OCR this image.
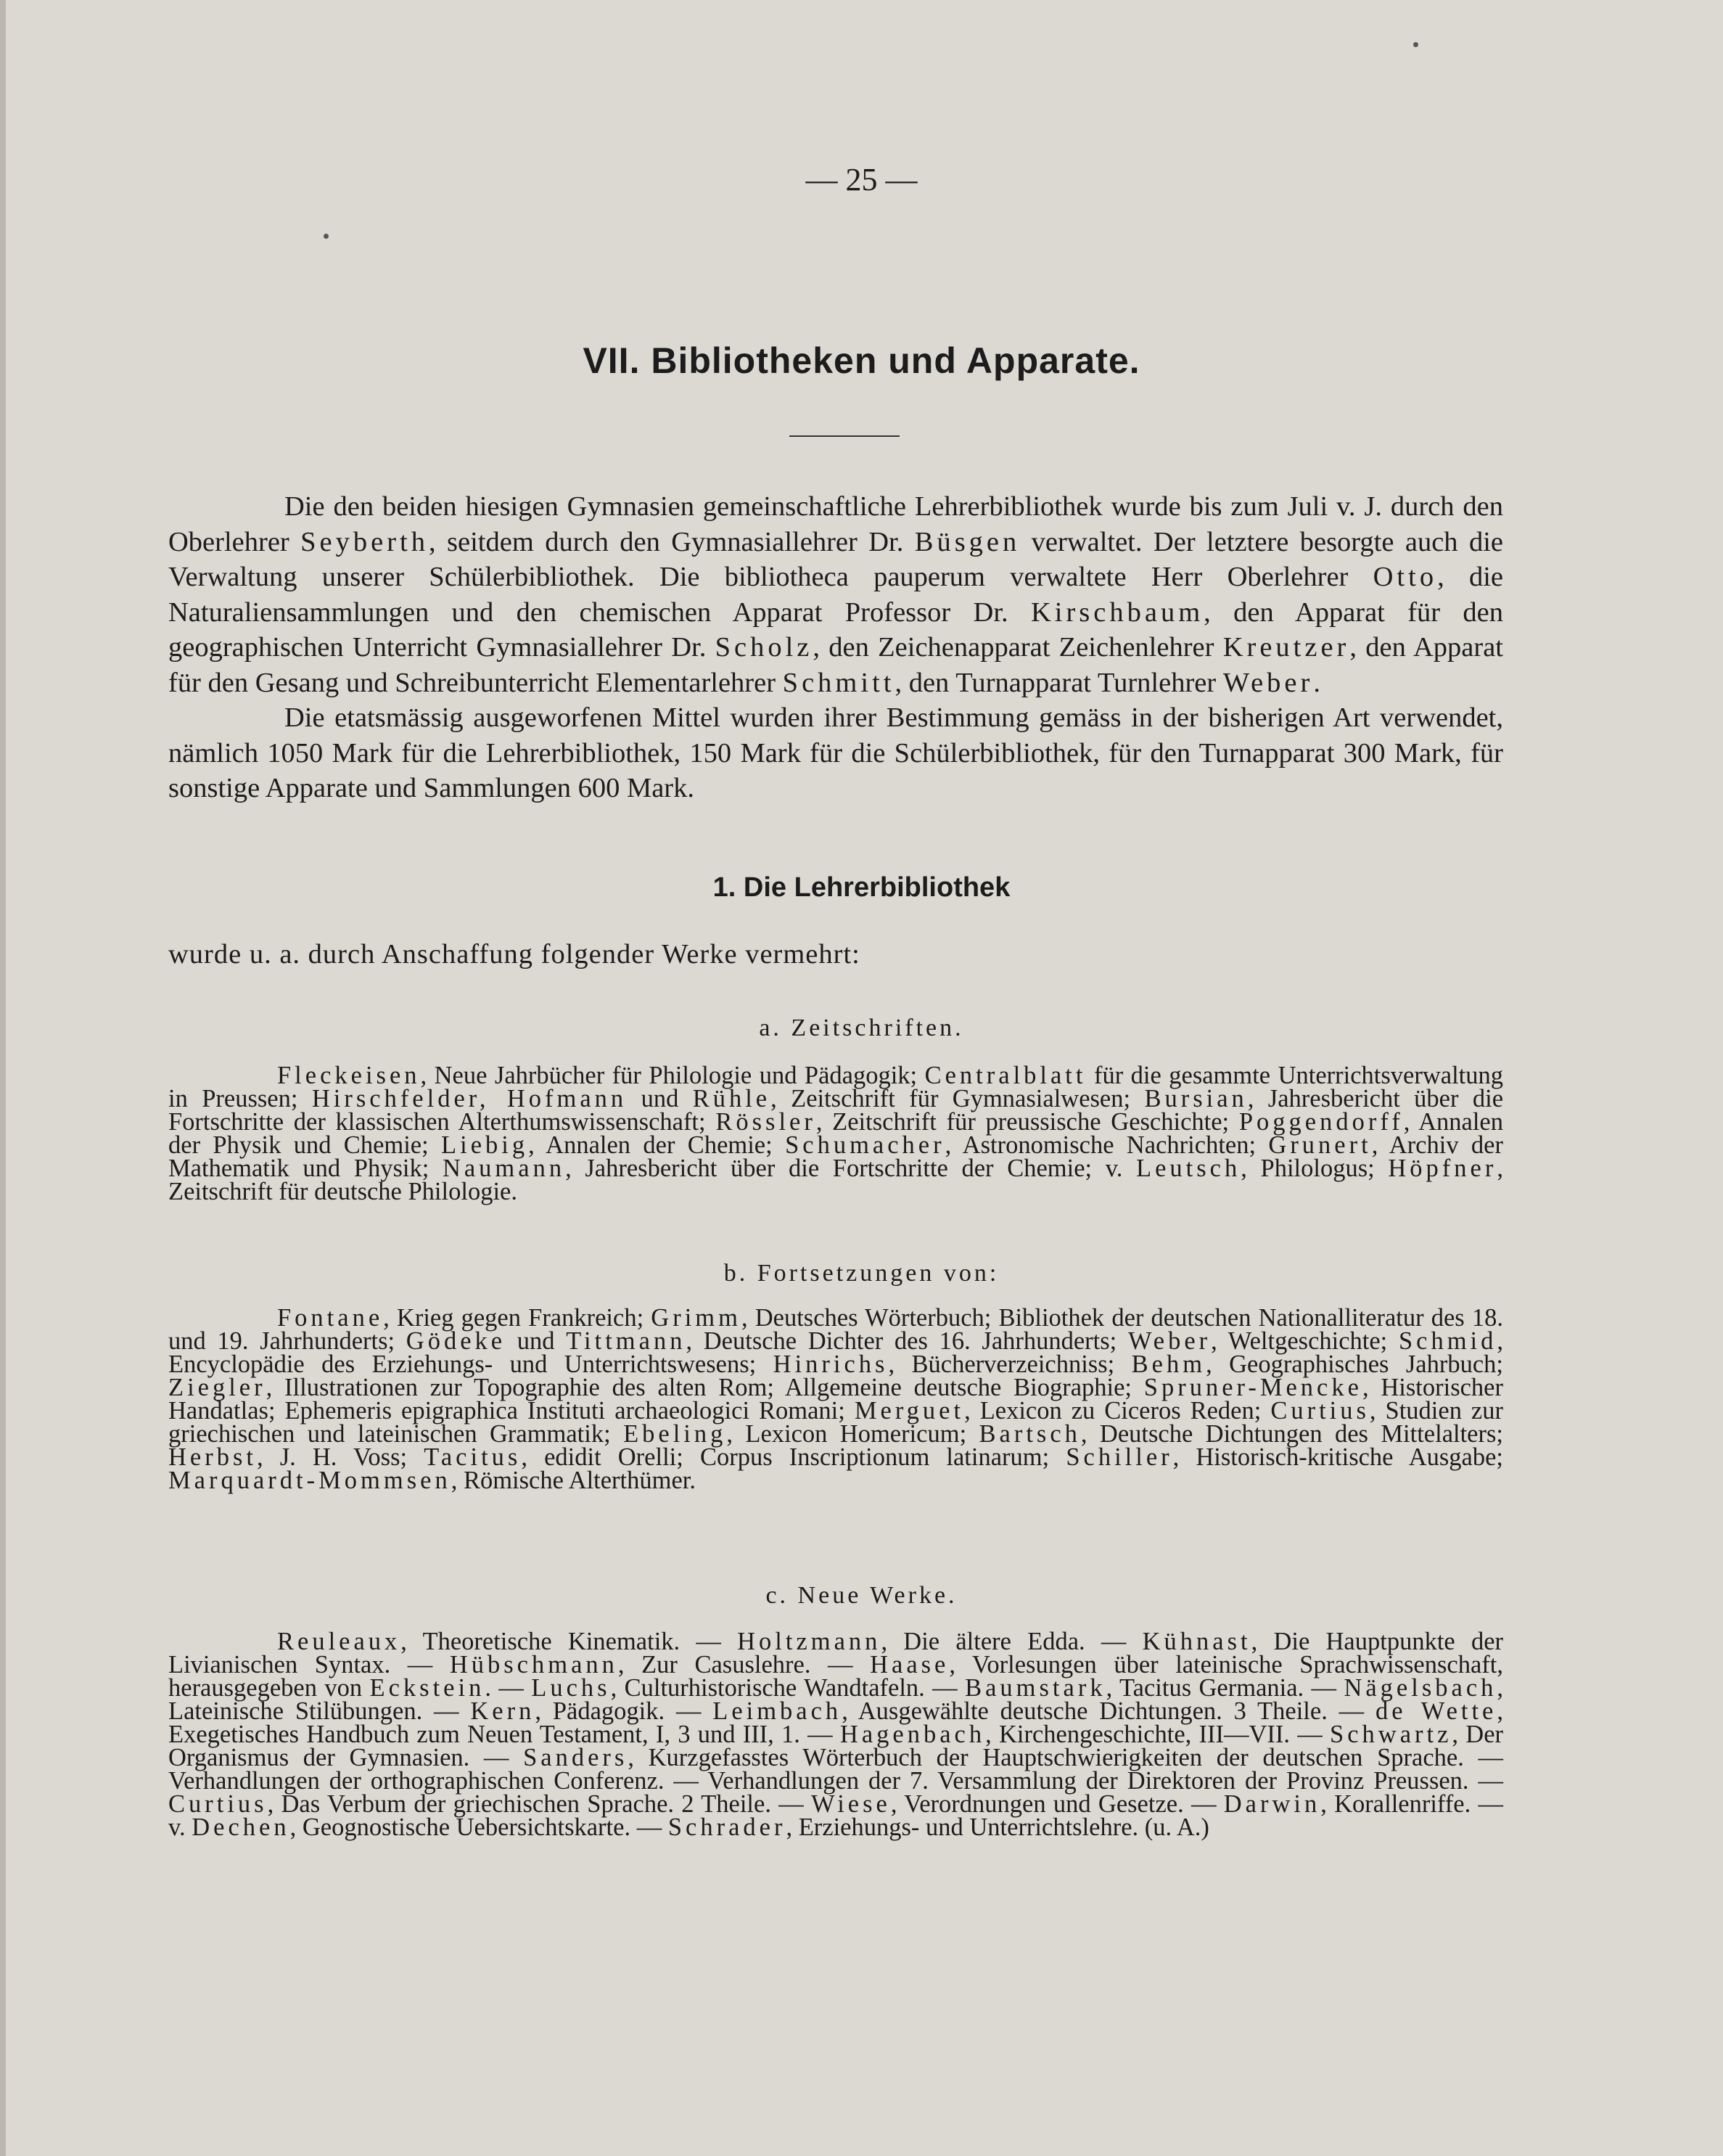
— 25 —
VII. Bibliotheken und Apparate.

Die den beiden hiesigen Gymnasien gemeinschaftliche Lehrerbibliothek wurde bis zum Juli v. J. durch den Oberlehrer Seyberth, seitdem durch den Gymnasiallehrer Dr. Büsgen verwaltet. Der letztere besorgte auch die Verwaltung unserer Schülerbibliothek. Die bibliotheca pauperum verwaltete Herr Oberlehrer Otto, die Naturaliensammlungen und den chemischen Apparat Professor Dr. Kirschbaum, den Apparat für den geographischen Unterricht Gymnasiallehrer Dr. Scholz, den Zeichenapparat Zeichenlehrer Kreutzer, den Apparat für den Gesang und Schreibunterricht Elementarlehrer Schmitt, den Turnapparat Turnlehrer Weber.

Die etatsmässig ausgeworfenen Mittel wurden ihrer Bestimmung gemäss in der bisherigen Art verwendet, nämlich 1050 Mark für die Lehrerbibliothek, 150 Mark für die Schülerbibliothek, für den Turnapparat 300 Mark, für sonstige Apparate und Sammlungen 600 Mark.

1. Die Lehrerbibliothek
wurde u. a. durch Anschaffung folgender Werke vermehrt:
a. Zeitschriften.

Fleckeisen, Neue Jahrbücher für Philologie und Pädagogik; Centralblatt für die gesammte Unterrichtsverwaltung in Preussen; Hirschfelder, Hofmann und Rühle, Zeitschrift für Gymnasialwesen; Bursian, Jahresbericht über die Fortschritte der klassischen Alterthumswissenschaft; Rössler, Zeitschrift für preussische Geschichte; Poggendorff, Annalen der Physik und Chemie; Liebig, Annalen der Chemie; Schumacher, Astronomische Nachrichten; Grunert, Archiv der Mathematik und Physik; Naumann, Jahresbericht über die Fortschritte der Chemie; v. Leutsch, Philologus; Höpfner, Zeitschrift für deutsche Philologie.

b. Fortsetzungen von:

Fontane, Krieg gegen Frankreich; Grimm, Deutsches Wörterbuch; Bibliothek der deutschen Nationalliteratur des 18. und 19. Jahrhunderts; Gödeke und Tittmann, Deutsche Dichter des 16. Jahrhunderts; Weber, Weltgeschichte; Schmid, Encyclopädie des Erziehungs- und Unterrichtswesens; Hinrichs, Bücherverzeichniss; Behm, Geographisches Jahrbuch; Ziegler, Illustrationen zur Topographie des alten Rom; Allgemeine deutsche Biographie; Spruner-Mencke, Historischer Handatlas; Ephemeris epigraphica Instituti archaeologici Romani; Merguet, Lexicon zu Ciceros Reden; Curtius, Studien zur griechischen und lateinischen Grammatik; Ebeling, Lexicon Homericum; Bartsch, Deutsche Dichtungen des Mittelalters; Herbst, J. H. Voss; Tacitus, edidit Orelli; Corpus Inscriptionum latinarum; Schiller, Historisch-kritische Ausgabe; Marquardt-Mommsen, Römische Alterthümer.

c. Neue Werke.

Reuleaux, Theoretische Kinematik. — Holtzmann, Die ältere Edda. — Kühnast, Die Hauptpunkte der Livianischen Syntax. — Hübschmann, Zur Casuslehre. — Haase, Vorlesungen über lateinische Sprachwissenschaft, herausgegeben von Eckstein. — Luchs, Culturhistorische Wandtafeln. — Baumstark, Tacitus Germania. — Nägelsbach, Lateinische Stilübungen. — Kern, Pädagogik. — Leimbach, Ausgewählte deutsche Dichtungen. 3 Theile. — de Wette, Exegetisches Handbuch zum Neuen Testament, I, 3 und III, 1. — Hagenbach, Kirchengeschichte, III—VII. — Schwartz, Der Organismus der Gymnasien. — Sanders, Kurzgefasstes Wörterbuch der Hauptschwierigkeiten der deutschen Sprache. — Verhandlungen der orthographischen Conferenz. — Verhandlungen der 7. Versammlung der Direktoren der Provinz Preussen. — Curtius, Das Verbum der griechischen Sprache. 2 Theile. — Wiese, Verordnungen und Gesetze. — Darwin, Korallenriffe. — v. Dechen, Geognostische Uebersichtskarte. — Schrader, Erziehungs- und Unterrichtslehre. (u. A.)
